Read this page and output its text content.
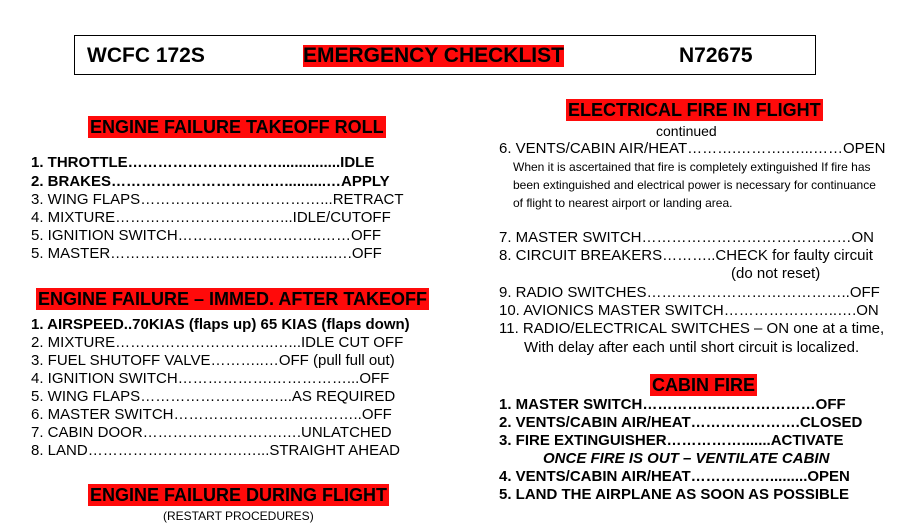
WCFC 172S	EMERGENCY CHECKLIST	N72675
ENGINE FAILURE TAKEOFF ROLL
1. THROTTLE…………………………...............IDLE
2. BRAKES…………………………..…..........…APPLY
3. WING FLAPS………………………………...RETRACT
4. MIXTURE……………………………...IDLE/CUTOFF
5. IGNITION SWITCH………………………..……OFF
5. MASTER……………………………………...….OFF
ENGINE FAILURE – IMMED. AFTER TAKEOFF
1. AIRSPEED..70KIAS (flaps up) 65 KIAS (flaps down)
2. MIXTURE…………………………..…...IDLE CUT OFF
3. FUEL SHUTOFF VALVE………..…OFF (pull full out)
4. IGNITION SWITCH……………….……………...OFF
5. WING FLAPS…………………….…...AS REQUIRED
6. MASTER SWITCH………………………………..OFF
7. CABIN DOOR……………………….….UNLATCHED
8. LAND………………………….…...STRAIGHT AHEAD
ENGINE FAILURE DURING FLIGHT
(RESTART PROCEDURES)
ELECTRICAL FIRE IN FLIGHT
continued
6. VENTS/CABIN AIR/HEAT……….……….…...……OPEN
When it is ascertained that fire is completely extinguished If fire has
been extinguished and electrical power is necessary for continuance
of flight to nearest airport or landing area.
7. MASTER SWITCH……………………………………ON
8. CIRCUIT BREAKERS………..CHECK for faulty circuit
(do not reset)
9. RADIO SWITCHES…………………………………..OFF
10. AVIONICS MASTER SWITCH…………………..….ON
11. RADIO/ELECTRICAL SWITCHES – ON one at a time,
With delay after each until short circuit is localized.
CABIN FIRE
1. MASTER SWITCH……………..………………OFF
2. VENTS/CABIN AIR/HEAT………………….CLOSED
3. FIRE EXTINGUISHER…………….......ACTIVATE
ONCE FIRE IS OUT – VENTILATE CABIN
4. VENTS/CABIN AIR/HEAT………….….........OPEN
5. LAND THE AIRPLANE AS SOON AS POSSIBLE
